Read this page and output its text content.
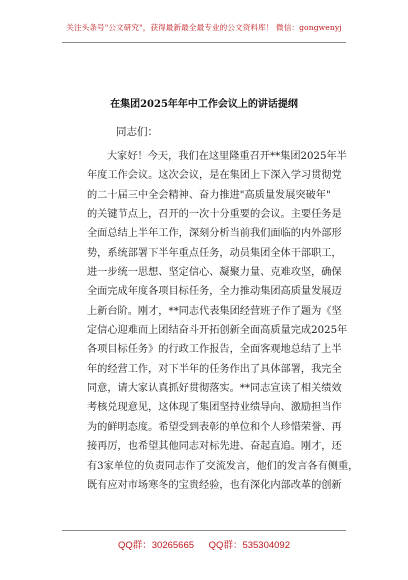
关注头条号"公文研究"，获得最新最全最专业的公文资料库！ 微信：gongwenyj
在集团2025年年中工作会议上的讲话提纲
同志们：
大家好！今天，我们在这里隆重召开**集团2025年半
年度工作会议。这次会议，是在集团上下深入学习贯彻党
的二十届三中全会精神、奋力推进"高质量发展突破年"
的关键节点上，召开的一次十分重要的会议。主要任务是
全面总结上半年工作，深刻分析当前我们面临的内外部形
势，系统部署下半年重点任务，动员集团全体干部职工，
进一步统一思想、坚定信心、凝聚力量、克难攻坚，确保
全面完成年度各项目标任务，全力推动集团高质量发展迈
上新台阶。刚才，**同志代表集团经营班子作了题为《坚
定信心迎难而上团结奋斗开拓创新全面高质量完成2025年
各项目标任务》的行政工作报告，全面客观地总结了上半
年的经营工作，对下半年的任务作出了具体部署，我完全
同意，请大家认真抓好贯彻落实。**同志宣读了相关绩效
考核兑现意见，这体现了集团坚持业绩导向、激励担当作
为的鲜明态度。希望受到表彰的单位和个人珍惜荣誉、再
接再厉，也希望其他同志对标先进、奋起直追。刚才，还
有3家单位的负责同志作了交流发言，他们的发言各有侧重，
既有应对市场寒冬的宝贵经验，也有深化内部改革的创新
QQ群：30265665 QQ群：535304092
